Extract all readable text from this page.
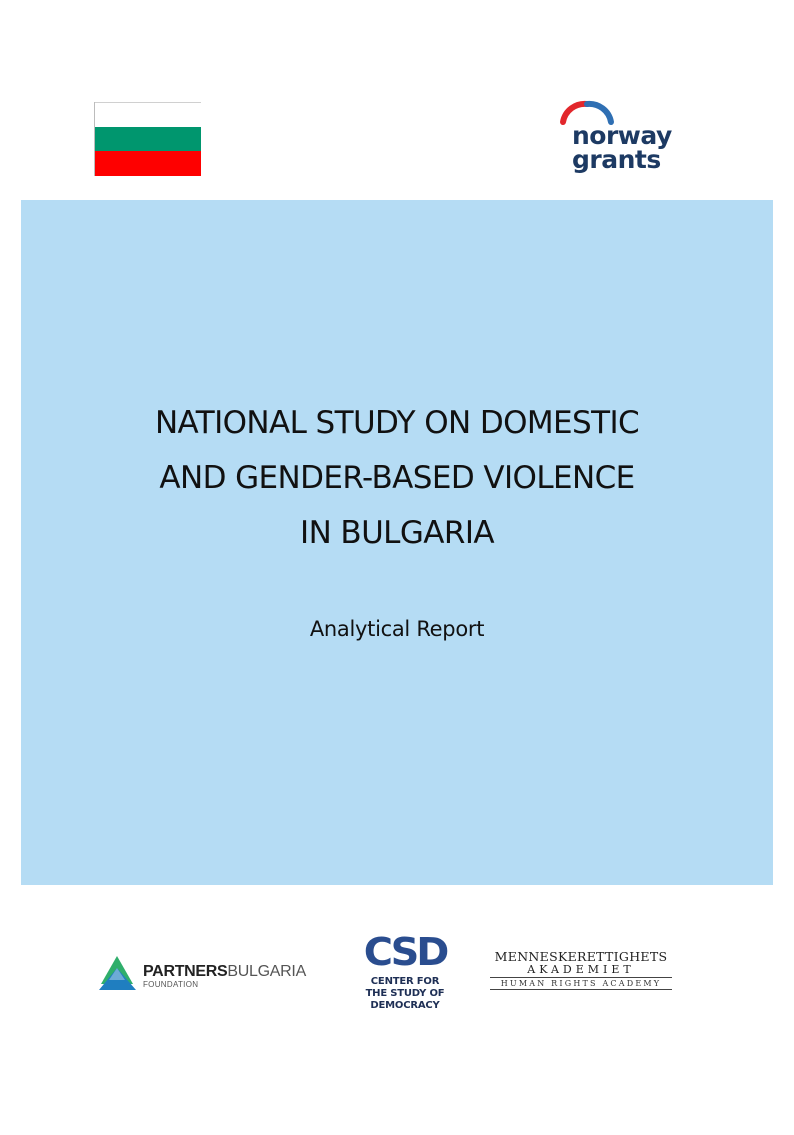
norway
grants
NATIONAL STUDY ON DOMESTIC
AND GENDER-BASED VIOLENCE
IN BULGARIA
Analytical Report
PARTNERSBULGARIA
FOUNDATION
CSD
CENTER FOR
THE STUDY OF
DEMOCRACY
MENNESKERETTIGHETS
AKADEMIET
HUMAN RIGHTS ACADEMY
